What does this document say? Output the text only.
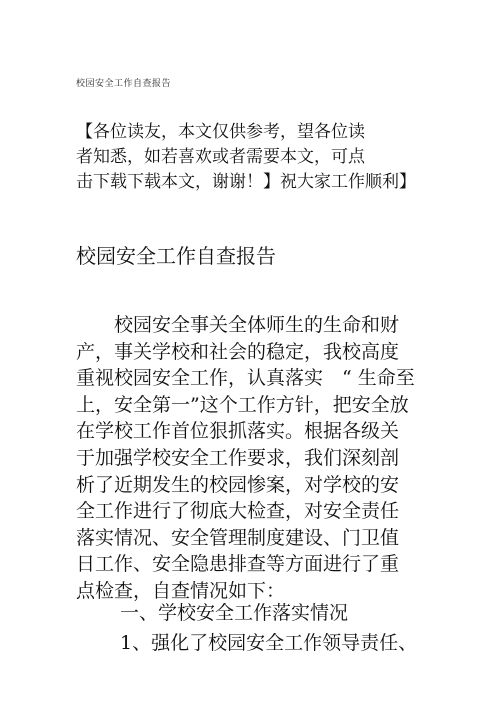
校园安全工作自查报告
【各位读友，本文仅供参考，望各位读
者知悉，如若喜欢或者需要本文，可点
击下载下载本文，谢谢！】祝大家工作顺利】
校园安全工作自查报告
　　校园安全事关全体师生的生命和财
产，事关学校和社会的稳定，我校高度
重视校园安全工作，认真落实　“ 生命至
上，安全第一”这个工作方针，把安全放
在学校工作首位狠抓落实。根据各级关
于加强学校安全工作要求，我们深刻剖
析了近期发生的校园惨案，对学校的安
全工作进行了彻底大检查，对安全责任
落实情况、安全管理制度建设、门卫值
日工作、安全隐患排查等方面进行了重
点检查，自查情况如下：
一、学校安全工作落实情况
1、强化了校园安全工作领导责任、
